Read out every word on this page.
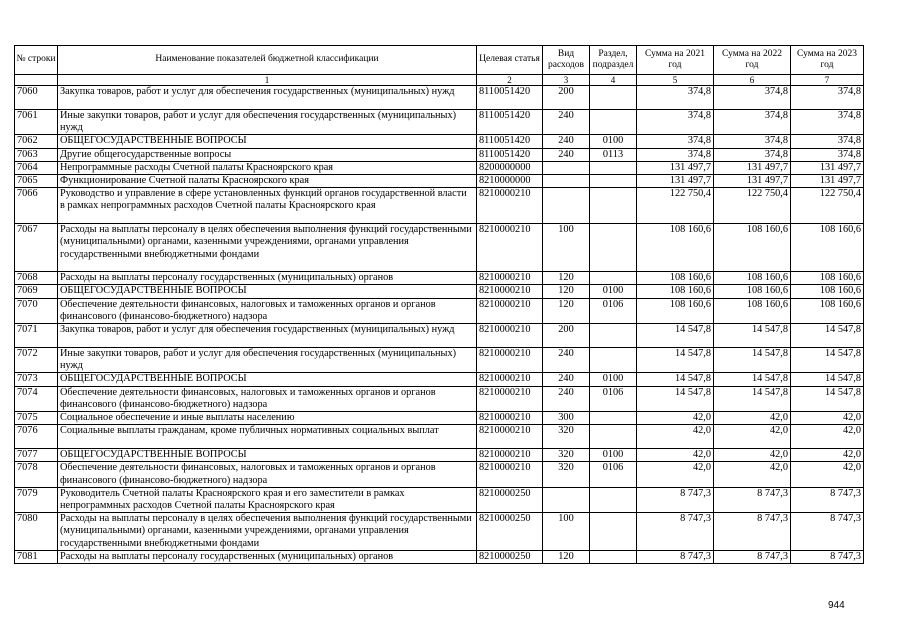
№ строки	Наименование показателей бюджетной классификации	Целевая статья	Вид расходов	Раздел, подраздел	Сумма на 2021 год	Сумма на 2022 год	Сумма на 2023 год
	1	2	3	4	5	6	7
7060	Закупка товаров, работ и услуг для обеспечения государственных (муниципальных) нужд	8110051420	200		374,8	374,8	374,8
7061	Иные закупки товаров, работ и услуг для обеспечения государственных (муниципальных) нужд	8110051420	240		374,8	374,8	374,8
7062	ОБЩЕГОСУДАРСТВЕННЫЕ ВОПРОСЫ	8110051420	240	0100	374,8	374,8	374,8
7063	Другие общегосударственные вопросы	8110051420	240	0113	374,8	374,8	374,8
7064	Непрограммные расходы Счетной палаты Красноярского края	8200000000			131 497,7	131 497,7	131 497,7
7065	Функционирование Счетной палаты Красноярского края	8210000000			131 497,7	131 497,7	131 497,7
7066	Руководство и управление в сфере установленных функций органов государственной власти в рамках непрограммных расходов Счетной палаты Красноярского края	8210000210			122 750,4	122 750,4	122 750,4
7067	Расходы на выплаты персоналу в целях обеспечения выполнения функций государственными (муниципальными) органами, казенными учреждениями, органами управления государственными внебюджетными фондами	8210000210	100		108 160,6	108 160,6	108 160,6
7068	Расходы на выплаты персоналу государственных (муниципальных) органов	8210000210	120		108 160,6	108 160,6	108 160,6
7069	ОБЩЕГОСУДАРСТВЕННЫЕ ВОПРОСЫ	8210000210	120	0100	108 160,6	108 160,6	108 160,6
7070	Обеспечение деятельности финансовых, налоговых и таможенных органов и органов финансового (финансово-бюджетного) надзора	8210000210	120	0106	108 160,6	108 160,6	108 160,6
7071	Закупка товаров, работ и услуг для обеспечения государственных (муниципальных) нужд	8210000210	200		14 547,8	14 547,8	14 547,8
7072	Иные закупки товаров, работ и услуг для обеспечения государственных (муниципальных) нужд	8210000210	240		14 547,8	14 547,8	14 547,8
7073	ОБЩЕГОСУДАРСТВЕННЫЕ ВОПРОСЫ	8210000210	240	0100	14 547,8	14 547,8	14 547,8
7074	Обеспечение деятельности финансовых, налоговых и таможенных органов и органов финансового (финансово-бюджетного) надзора	8210000210	240	0106	14 547,8	14 547,8	14 547,8
7075	Социальное обеспечение и иные выплаты населению	8210000210	300		42,0	42,0	42,0
7076	Социальные выплаты гражданам, кроме публичных нормативных социальных выплат	8210000210	320		42,0	42,0	42,0
7077	ОБЩЕГОСУДАРСТВЕННЫЕ ВОПРОСЫ	8210000210	320	0100	42,0	42,0	42,0
7078	Обеспечение деятельности финансовых, налоговых и таможенных органов и органов финансового (финансово-бюджетного) надзора	8210000210	320	0106	42,0	42,0	42,0
7079	Руководитель Счетной палаты Красноярского края и его заместители в рамках непрограммных расходов Счетной палаты Красноярского края	8210000250			8 747,3	8 747,3	8 747,3
7080	Расходы на выплаты персоналу в целях обеспечения выполнения функций государственными (муниципальными) органами, казенными учреждениями, органами управления государственными внебюджетными фондами	8210000250	100		8 747,3	8 747,3	8 747,3
7081	Расходы на выплаты персоналу государственных (муниципальных) органов	8210000250	120		8 747,3	8 747,3	8 747,3
944
